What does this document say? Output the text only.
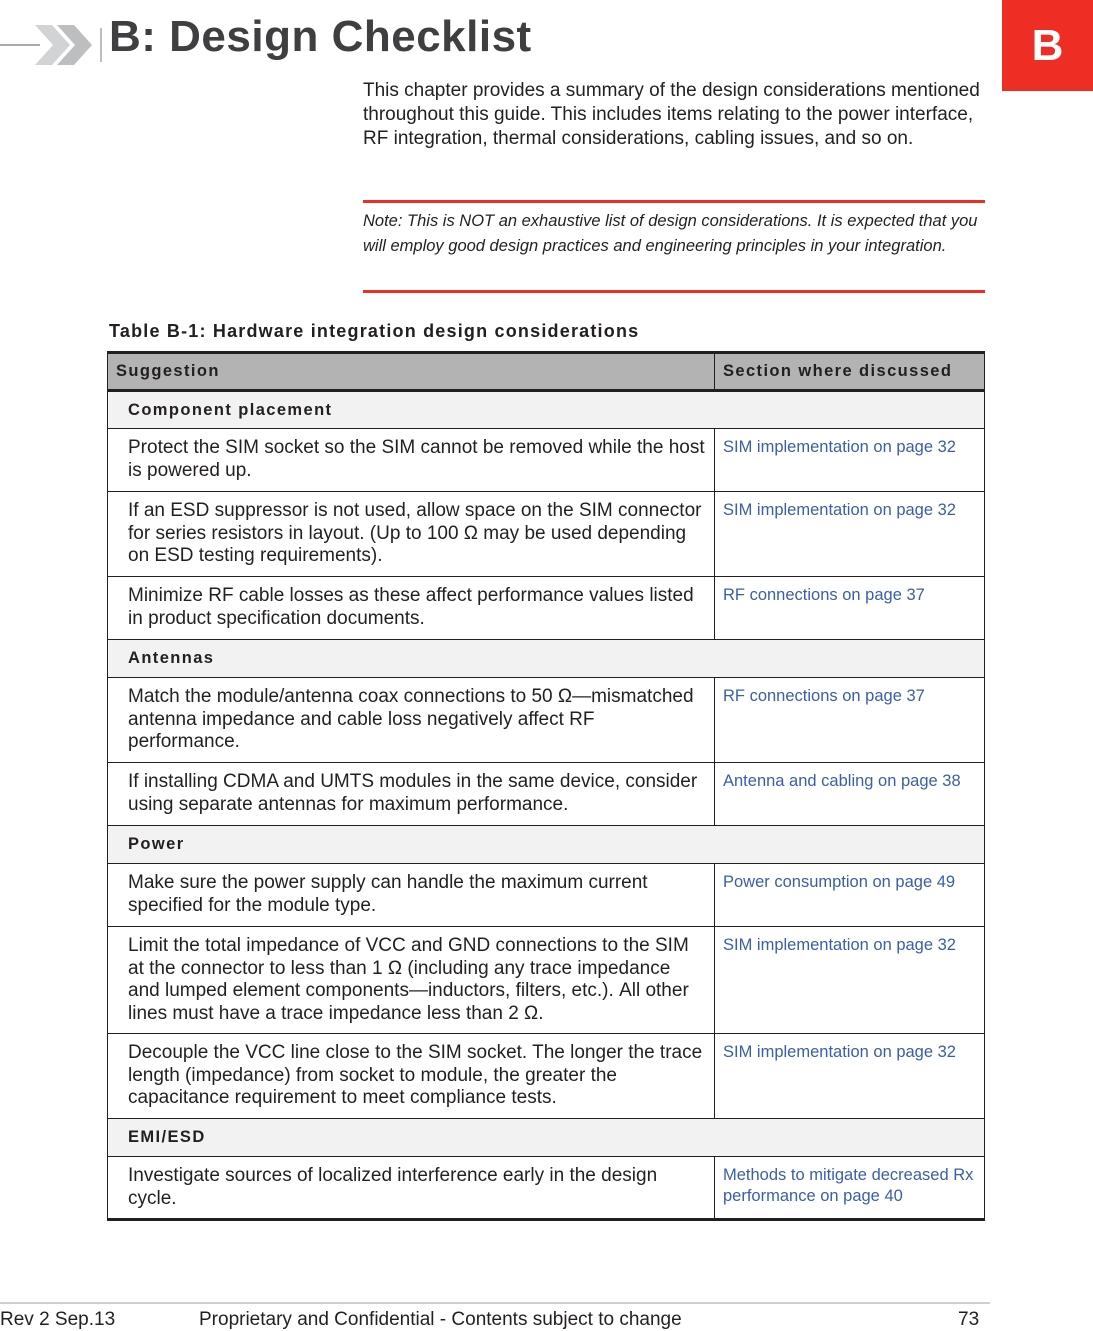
B: Design Checklist	B

This chapter provides a summary of the design considerations mentioned throughout this guide. This includes items relating to the power interface, RF integration, thermal considerations, cabling issues, and so on.

Note: This is NOT an exhaustive list of design considerations. It is expected that you will employ good design practices and engineering principles in your integration.

Table B-1: Hardware integration design considerations

Suggestion	Section where discussed
Component placement	
Protect the SIM socket so the SIM cannot be removed while the host is powered up.	SIM implementation on page 32
If an ESD suppressor is not used, allow space on the SIM connector for series resistors in layout. (Up to 100 Ω may be used depending on ESD testing requirements).	SIM implementation on page 32
Minimize RF cable losses as these affect performance values listed in product specification documents.	RF connections on page 37
Antennas	
Match the module/antenna coax connections to 50 Ω—mismatched antenna impedance and cable loss negatively affect RF performance.	RF connections on page 37
If installing CDMA and UMTS modules in the same device, consider using separate antennas for maximum performance.	Antenna and cabling on page 38
Power	
Make sure the power supply can handle the maximum current specified for the module type.	Power consumption on page 49
Limit the total impedance of VCC and GND connections to the SIM at the connector to less than 1 Ω (including any trace impedance and lumped element components—inductors, filters, etc.). All other lines must have a trace impedance less than 2 Ω.	SIM implementation on page 32
Decouple the VCC line close to the SIM socket. The longer the trace length (impedance) from socket to module, the greater the capacitance requirement to meet compliance tests.	SIM implementation on page 32
EMI/ESD	
Investigate sources of localized interference early in the design cycle.	Methods to mitigate decreased Rx performance on page 40
Rev 2 Sep.13	Proprietary and Confidential - Contents subject to change	73
